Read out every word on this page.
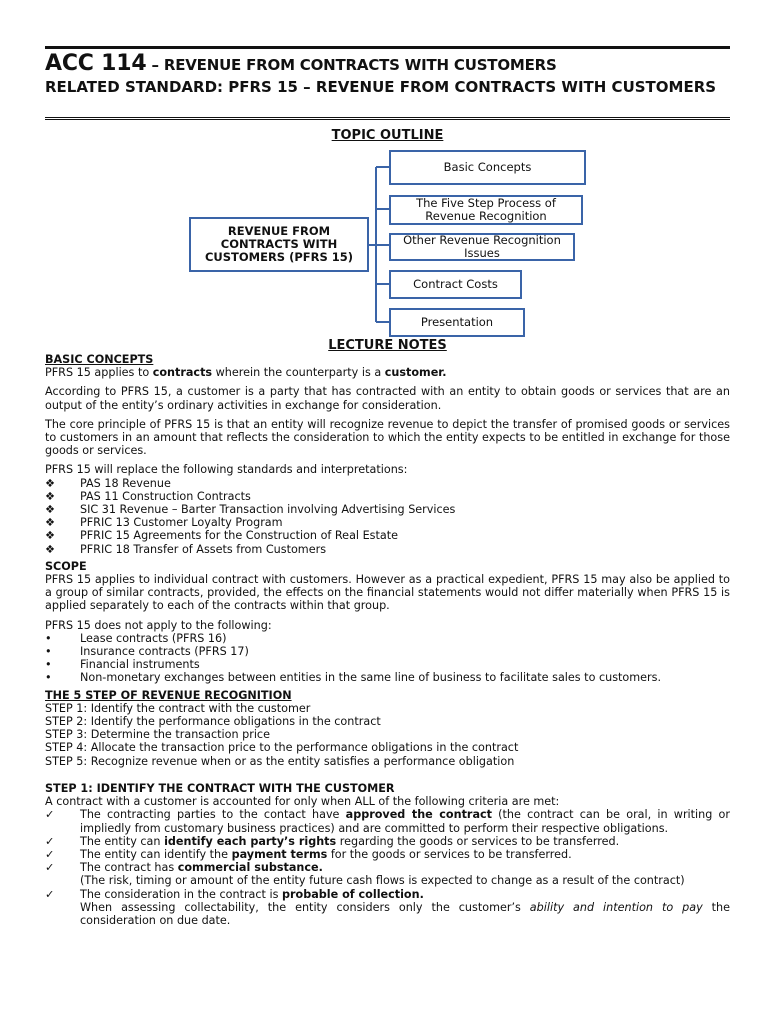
ACC 114 – REVENUE FROM CONTRACTS WITH CUSTOMERS
RELATED STANDARD: PFRS 15 – REVENUE FROM CONTRACTS WITH CUSTOMERS
TOPIC OUTLINE
REVENUE FROM CONTRACTS WITH CUSTOMERS (PFRS 15)
Basic Concepts
The Five Step Process of Revenue Recognition
Other Revenue Recognition Issues
Contract Costs
Presentation
LECTURE NOTES

BASIC CONCEPTS

PFRS 15 applies to contracts wherein the counterparty is a customer.

According to PFRS 15, a customer is a party that has contracted with an entity to obtain goods or services that are an output of the entity’s ordinary activities in exchange for consideration.

The core principle of PFRS 15 is that an entity will recognize revenue to depict the transfer of promised goods or services to customers in an amount that reflects the consideration to which the entity expects to be entitled in exchange for those goods or services.

PFRS 15 will replace the following standards and interpretations:

❖	PAS 18 Revenue

❖	PAS 11 Construction Contracts

❖	SIC 31 Revenue – Barter Transaction involving Advertising Services

❖	PFRIC 13 Customer Loyalty Program

❖	PFRIC 15 Agreements for the Construction of Real Estate

❖	PFRIC 18 Transfer of Assets from Customers

SCOPE

PFRS 15 applies to individual contract with customers. However as a practical expedient, PFRS 15 may also be applied to a group of similar contracts, provided, the effects on the financial statements would not differ materially when PFRS 15 is applied separately to each of the contracts within that group.

PFRS 15 does not apply to the following:

•	Lease contracts (PFRS 16)

•	Insurance contracts (PFRS 17)

•	Financial instruments

•	Non-monetary exchanges between entities in the same line of business to facilitate sales to customers.

THE 5 STEP OF REVENUE RECOGNITION

STEP 1: Identify the contract with the customer

STEP 2: Identify the performance obligations in the contract

STEP 3: Determine the transaction price

STEP 4: Allocate the transaction price to the performance obligations in the contract

STEP 5: Recognize revenue when or as the entity satisfies a performance obligation

STEP 1: IDENTIFY THE CONTRACT WITH THE CUSTOMER

A contract with a customer is accounted for only when ALL of the following criteria are met:

✓	The contracting parties to the contact have approved the contract (the contract can be oral, in writing or impliedly from customary business practices) and are committed to perform their respective obligations.

✓	The entity can identify each party’s rights regarding the goods or services to be transferred.

✓	The entity can identify the payment terms for the goods or services to be transferred.

✓	The contract has commercial substance.

(The risk, timing or amount of the entity future cash flows is expected to change as a result of the contract)

✓	The consideration in the contract is probable of collection.

When assessing collectability, the entity considers only the customer’s ability and intention to pay the consideration on due date.
